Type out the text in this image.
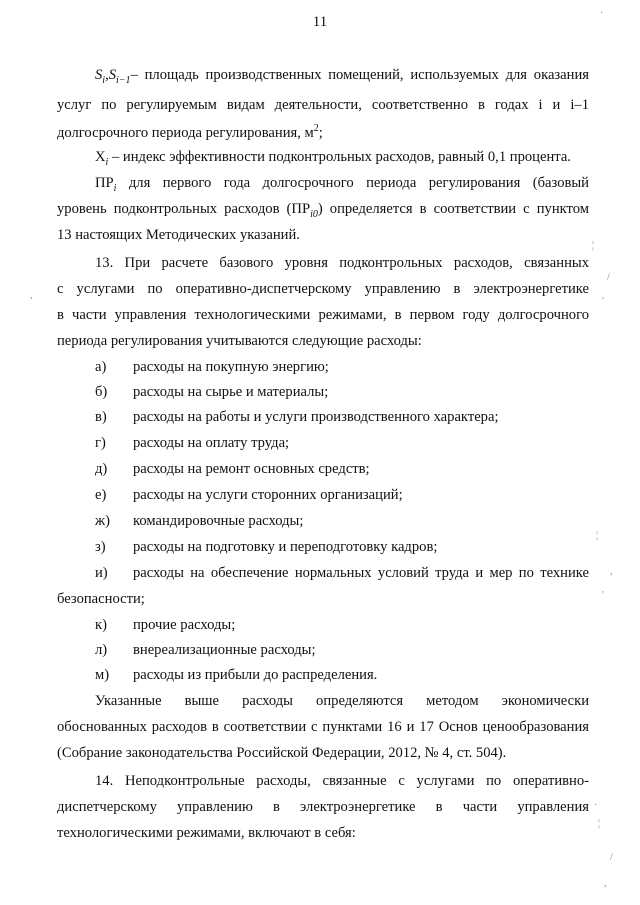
11
$S_i,S_{i-1}-$ площадь производственных помещений, используемых для оказания
услуг по регулируемым видам деятельности, соответственно в годах i и i–1
долгосрочного периода регулирования, $м^2$;
$Х_i$ – индекс эффективности подконтрольных расходов, равный 0,1 процента.
$ПР_i$ для первого года долгосрочного периода регулирования (базовый
уровень подконтрольных расходов $(ПР_{i0})$ определяется в соответствии с пунктом
13 настоящих Методических указаний.
13. При расчете базового уровня подконтрольных расходов, связанных
с услугами по оперативно-диспетчерскому управлению в электроэнергетике
в части управления технологическими режимами, в первом году долгосрочного
периода регулирования учитываются следующие расходы:
а) расходы на покупную энергию;
б) расходы на сырье и материалы;
в) расходы на работы и услуги производственного характера;
г) расходы на оплату труда;
д) расходы на ремонт основных средств;
е) расходы на услуги сторонних организаций;
ж) командировочные расходы;
з) расходы на подготовку и переподготовку кадров;
и) расходы на обеспечение нормальных условий труда и мер по технике
безопасности;
к) прочие расходы;
л) внереализационные расходы;
м) расходы из прибыли до распределения.
Указанные выше расходы определяются методом экономически
обоснованных расходов в соответствии с пунктами 16 и 17 Основ ценообразования
(Собрание законодательства Российской Федерации, 2012, № 4, ст. 504).
14. Неподконтрольные расходы, связанные с услугами по оперативно-
диспетчерскому управлению в электроэнергетике в части управления
технологическими режимами, включают в себя:
·
¦
/
′
,
¦
,
′
·
¦
/
,
